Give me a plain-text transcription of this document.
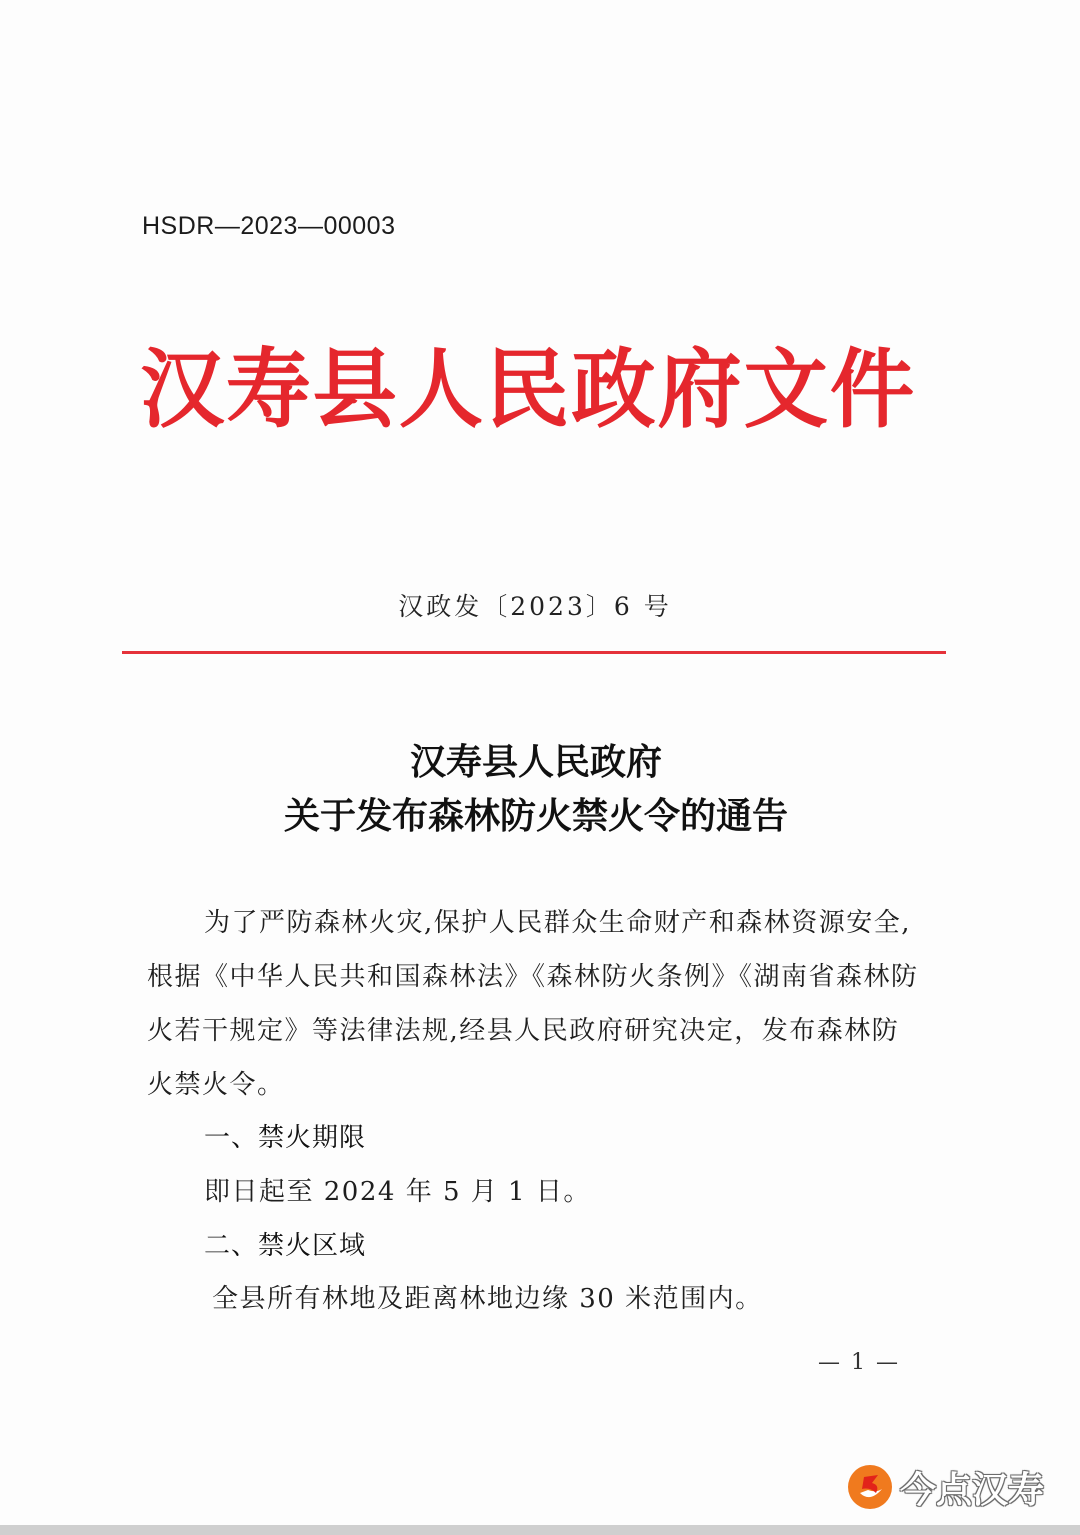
HSDR—2023—00003
汉寿县人民政府文件
汉政发〔2023〕6 号
汉寿县人民政府
关于发布森林防火禁火令的通告
为了严防森林火灾,保护人民群众生命财产和森林资源安全,
根据《中华人民共和国森林法》《森林防火条例》《湖南省森林防
火若干规定》等法律法规,经县人民政府研究决定，发布森林防
火禁火令。
一、禁火期限
即日起至 2024 年 5 月 1 日。
二、禁火区域
全县所有林地及距离林地边缘 30 米范围内。
— 1 —
今点汉寿
